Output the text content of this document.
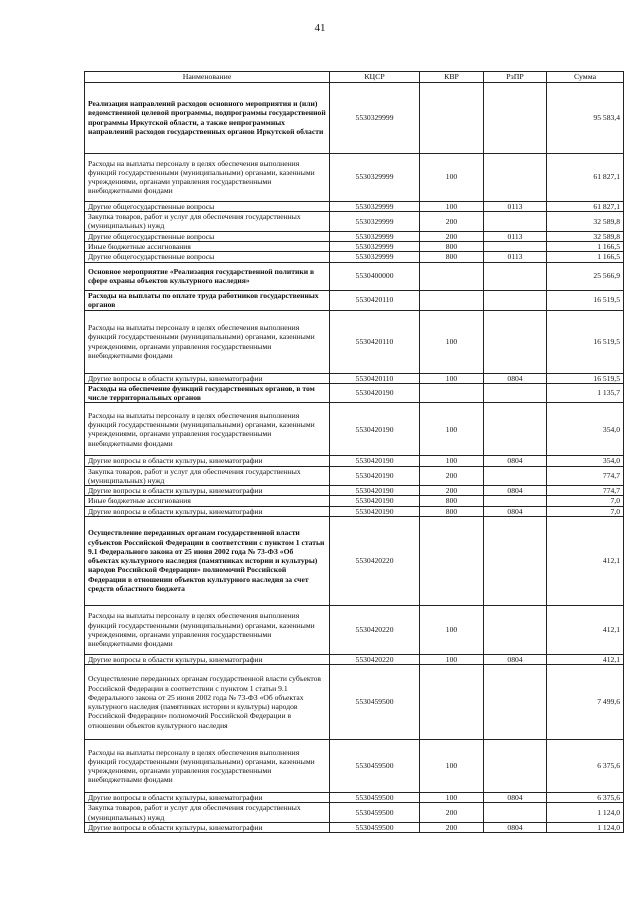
41
Наименование	КЦСР	КВР	РзПР	Сумма
Реализация направлений расходов основного мероприятия и (или) ведомственной целевой программы, подпрограммы государственной программы Иркутской области, а также непрограммных направлений расходов государственных органов Иркутской области	5530329999			95 583,4
Расходы на выплаты персоналу в целях обеспечения выполнения функций государственными (муниципальными) органами, казенными учреждениями, органами управления государственными внебюджетными фондами	5530329999	100		61 827,1
Другие общегосударственные вопросы	5530329999	100	0113	61 827,1
Закупка товаров, работ и услуг для обеспечения государственных (муниципальных) нужд	5530329999	200		32 589,8
Другие общегосударственные вопросы	5530329999	200	0113	32 589,8
Иные бюджетные ассигнования	5530329999	800		1 166,5
Другие общегосударственные вопросы	5530329999	800	0113	1 166,5
Основное мероприятие «Реализация государственной политики в сфере охраны объектов культурного наследия»	5530400000			25 566,9
Расходы на выплаты по оплате труда работников государственных органов	5530420110			16 519,5
Расходы на выплаты персоналу в целях обеспечения выполнения функций государственными (муниципальными) органами, казенными учреждениями, органами управления государственными внебюджетными фондами	5530420110	100		16 519,5
Другие вопросы в области культуры, кинематографии	5530420110	100	0804	16 519,5
Расходы на обеспечение функций государственных органов, в том числе территориальных органов	5530420190			1 135,7
Расходы на выплаты персоналу в целях обеспечения выполнения функций государственными (муниципальными) органами, казенными учреждениями, органами управления государственными внебюджетными фондами	5530420190	100		354,0
Другие вопросы в области культуры, кинематографии	5530420190	100	0804	354,0
Закупка товаров, работ и услуг для обеспечения государственных (муниципальных) нужд	5530420190	200		774,7
Другие вопросы в области культуры, кинематографии	5530420190	200	0804	774,7
Иные бюджетные ассигнования	5530420190	800		7,0
Другие вопросы в области культуры, кинематографии	5530420190	800	0804	7,0
Осуществление переданных органам государственной власти субъектов Российской Федерации в соответствии с пунктом 1 статьи 9.1 Федерального закона от 25 июня 2002 года № 73-ФЗ «Об объектах культурного наследия (памятниках истории и культуры) народов Российской Федерации» полномочий Российской Федерации в отношении объектов культурного наследия за счет средств областного бюджета	5530420220			412,1
Расходы на выплаты персоналу в целях обеспечения выполнения функций государственными (муниципальными) органами, казенными учреждениями, органами управления государственными внебюджетными фондами	5530420220	100		412,1
Другие вопросы в области культуры, кинематографии	5530420220	100	0804	412,1
Осуществление переданных органам государственной власти субъектов Российской Федерации в соответствии с пунктом 1 статьи 9.1 Федерального закона от 25 июня 2002 года № 73-ФЗ «Об объектах культурного наследия (памятниках истории и культуры) народов Российской Федерации» полномочий Российской Федерации в отношении объектов культурного наследия	5530459500			7 499,6
Расходы на выплаты персоналу в целях обеспечения выполнения функций государственными (муниципальными) органами, казенными учреждениями, органами управления государственными внебюджетными фондами	5530459500	100		6 375,6
Другие вопросы в области культуры, кинематографии	5530459500	100	0804	6 375,6
Закупка товаров, работ и услуг для обеспечения государственных (муниципальных) нужд	5530459500	200		1 124,0
Другие вопросы в области культуры, кинематографии	5530459500	200	0804	1 124,0
